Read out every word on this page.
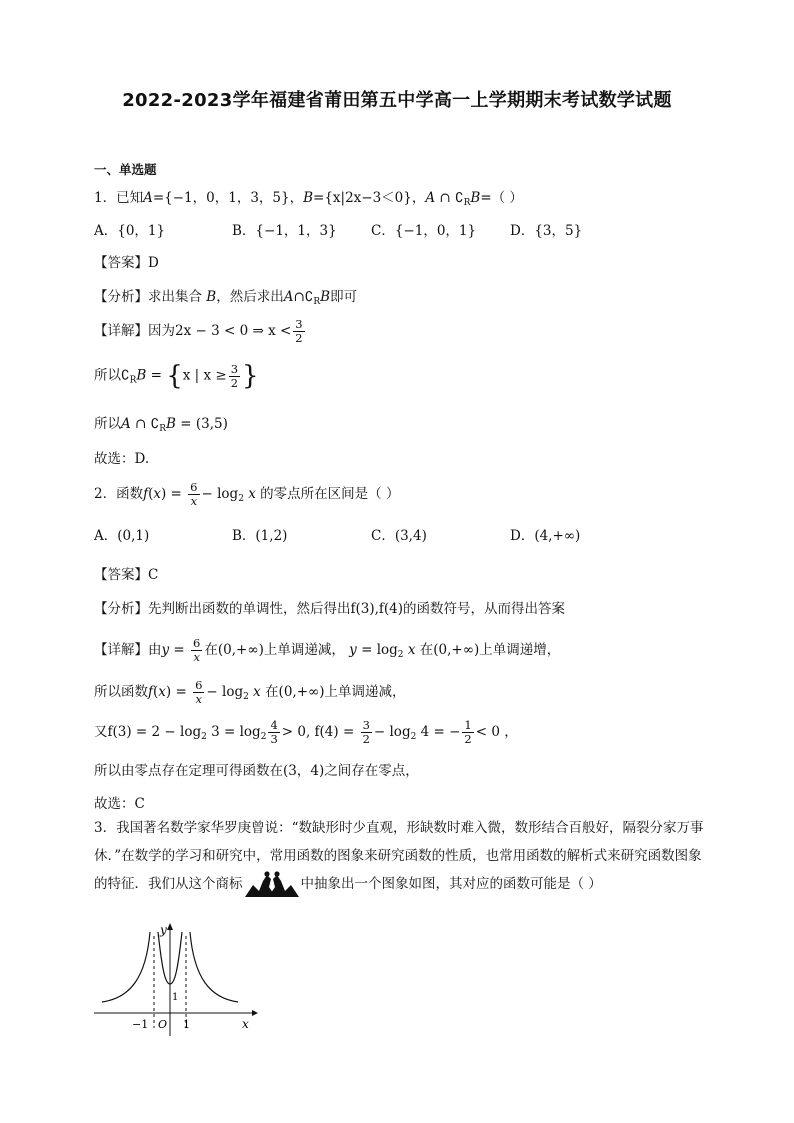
2022-2023学年福建省莆田第五中学高一上学期期末考试数学试题
一、单选题
1．已知A={−1，0，1，3，5}，B={x|2x−3＜0}，A ∩ $∁_RB=$（ ）
A．{0，1}	B．{−1，1，3}	C．{−1，0，1}	D．{3，5}
【答案】D
【分析】求出集合 B，然后求出$A\cap∁_RB$即可
【详解】因为2x − 3 < 0 ⇒ $x < \frac{3}{2}$
所以$∁_RB = \{x$ | $x \ge \frac{3}{2}$ }
所以A ∩ $∁_RB = (3,5)$
故选：D.
2．函数$f(x) = \frac{6}{x} - \log_2 x$ 的零点所在区间是（ ）
A．(0,1)	B．(1,2)	C．(3,4)	D．(4,+∞)
【答案】C
【分析】先判断出函数的单调性，然后得出f(3),f(4)的函数符号，从而得出答案
【详解】由$y = \frac{6}{x}$ 在(0,+∞)上单调递减， $y = \log_2 x$ 在(0,+∞)上单调递增，
所以函数$f(x) = \frac{6}{x} - \log_2 x$ 在(0,+∞)上单调递减，
又$f(3) = 2 - \log_2 3 = \log_2 \frac{4}{3} > 0$, $f(4) = \frac{3}{2} - \log_2 4$ = − $\frac{1}{2} < 0$ ，
所以由零点存在定理可得函数在(3，4)之间存在零点，
故选：C
3．我国著名数学家华罗庚曾说：“数缺形时少直观，形缺数时难入微，数形结合百般好，隔裂分家万事休．”在数学的学习和研究中，常用函数的图象来研究函数的性质，也常用函数的解析式来研究函数图象的特征．我们从这个商标	中抽象出一个图象如图，其对应的函数可能是（ ）
y
x
O
−1	1
1
